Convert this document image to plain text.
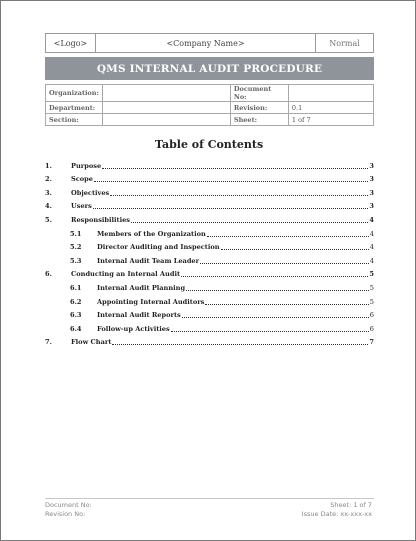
<Logo>	<Company Name>	Normal
QMS INTERNAL AUDIT PROCEDURE
Organization:		Document No:	
Department:		Revision:	0.1
Section:		Sheet:	1 of 7
Table of Contents
1.	Purpose	3
2.	Scope	3
3.	Objectives	3
4.	Users	3
5.	Responsibilities	4
5.1 Members of the Organization	4
5.2 Director Auditing and Inspection	4
5.3 Internal Audit Team Leader	4
6.	Conducting an Internal Audit	5
6.1 Internal Audit Planning	5
6.2 Appointing Internal Auditors	5
6.3 Internal Audit Reports	6
6.4 Follow-up Activities	6
7.	Flow Chart	7
Document No:
Revision No:
Sheet: 1 of 7
Issue Date: xx-xxx-xx
